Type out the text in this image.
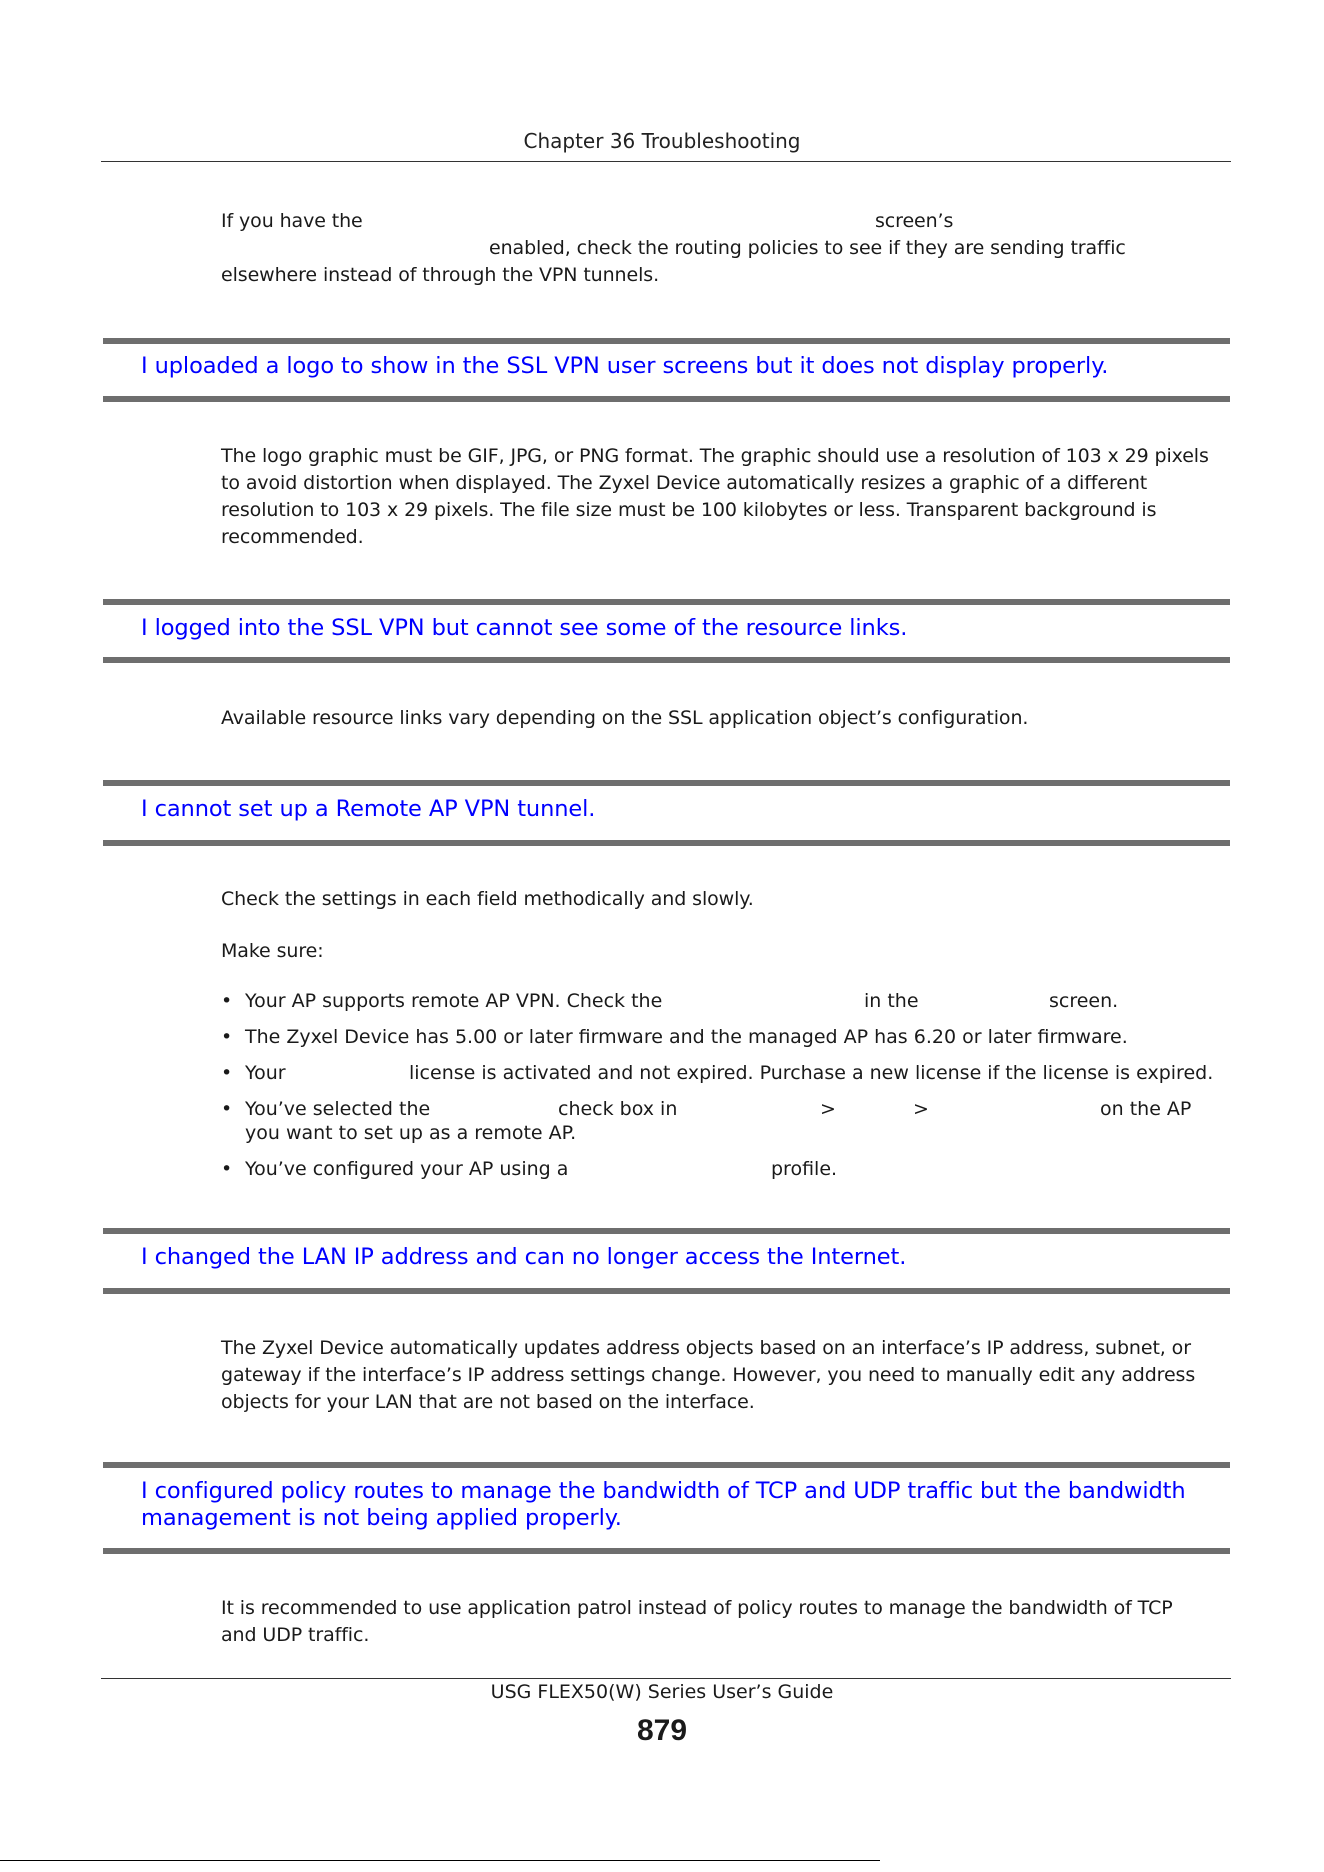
Chapter 36 Troubleshooting
If you have the	screen’s
enabled, check the routing policies to see if they are sending traffic
elsewhere instead of through the VPN tunnels.
I uploaded a logo to show in the SSL VPN user screens but it does not display properly.
The logo graphic must be GIF, JPG, or PNG format. The graphic should use a resolution of 103 x 29 pixels
to avoid distortion when displayed. The Zyxel Device automatically resizes a graphic of a different
resolution to 103 x 29 pixels. The file size must be 100 kilobytes or less. Transparent background is
recommended.
I logged into the SSL VPN but cannot see some of the resource links.
Available resource links vary depending on the SSL application object’s configuration.
I cannot set up a Remote AP VPN tunnel.
Check the settings in each field methodically and slowly.
Make sure:
• Your AP supports remote AP VPN. Check the	in the	screen.
• The Zyxel Device has 5.00 or later firmware and the managed AP has 6.20 or later firmware.
• Your	license is activated and not expired. Purchase a new license if the license is expired.
• You’ve selected the	check box in	>	>	on the AP
you want to set up as a remote AP.
• You’ve configured your AP using a	profile.
I changed the LAN IP address and can no longer access the Internet.
The Zyxel Device automatically updates address objects based on an interface’s IP address, subnet, or
gateway if the interface’s IP address settings change. However, you need to manually edit any address
objects for your LAN that are not based on the interface.
I configured policy routes to manage the bandwidth of TCP and UDP traffic but the bandwidth
management is not being applied properly.
It is recommended to use application patrol instead of policy routes to manage the bandwidth of TCP
and UDP traffic.
USG FLEX50(W) Series User’s Guide
879
